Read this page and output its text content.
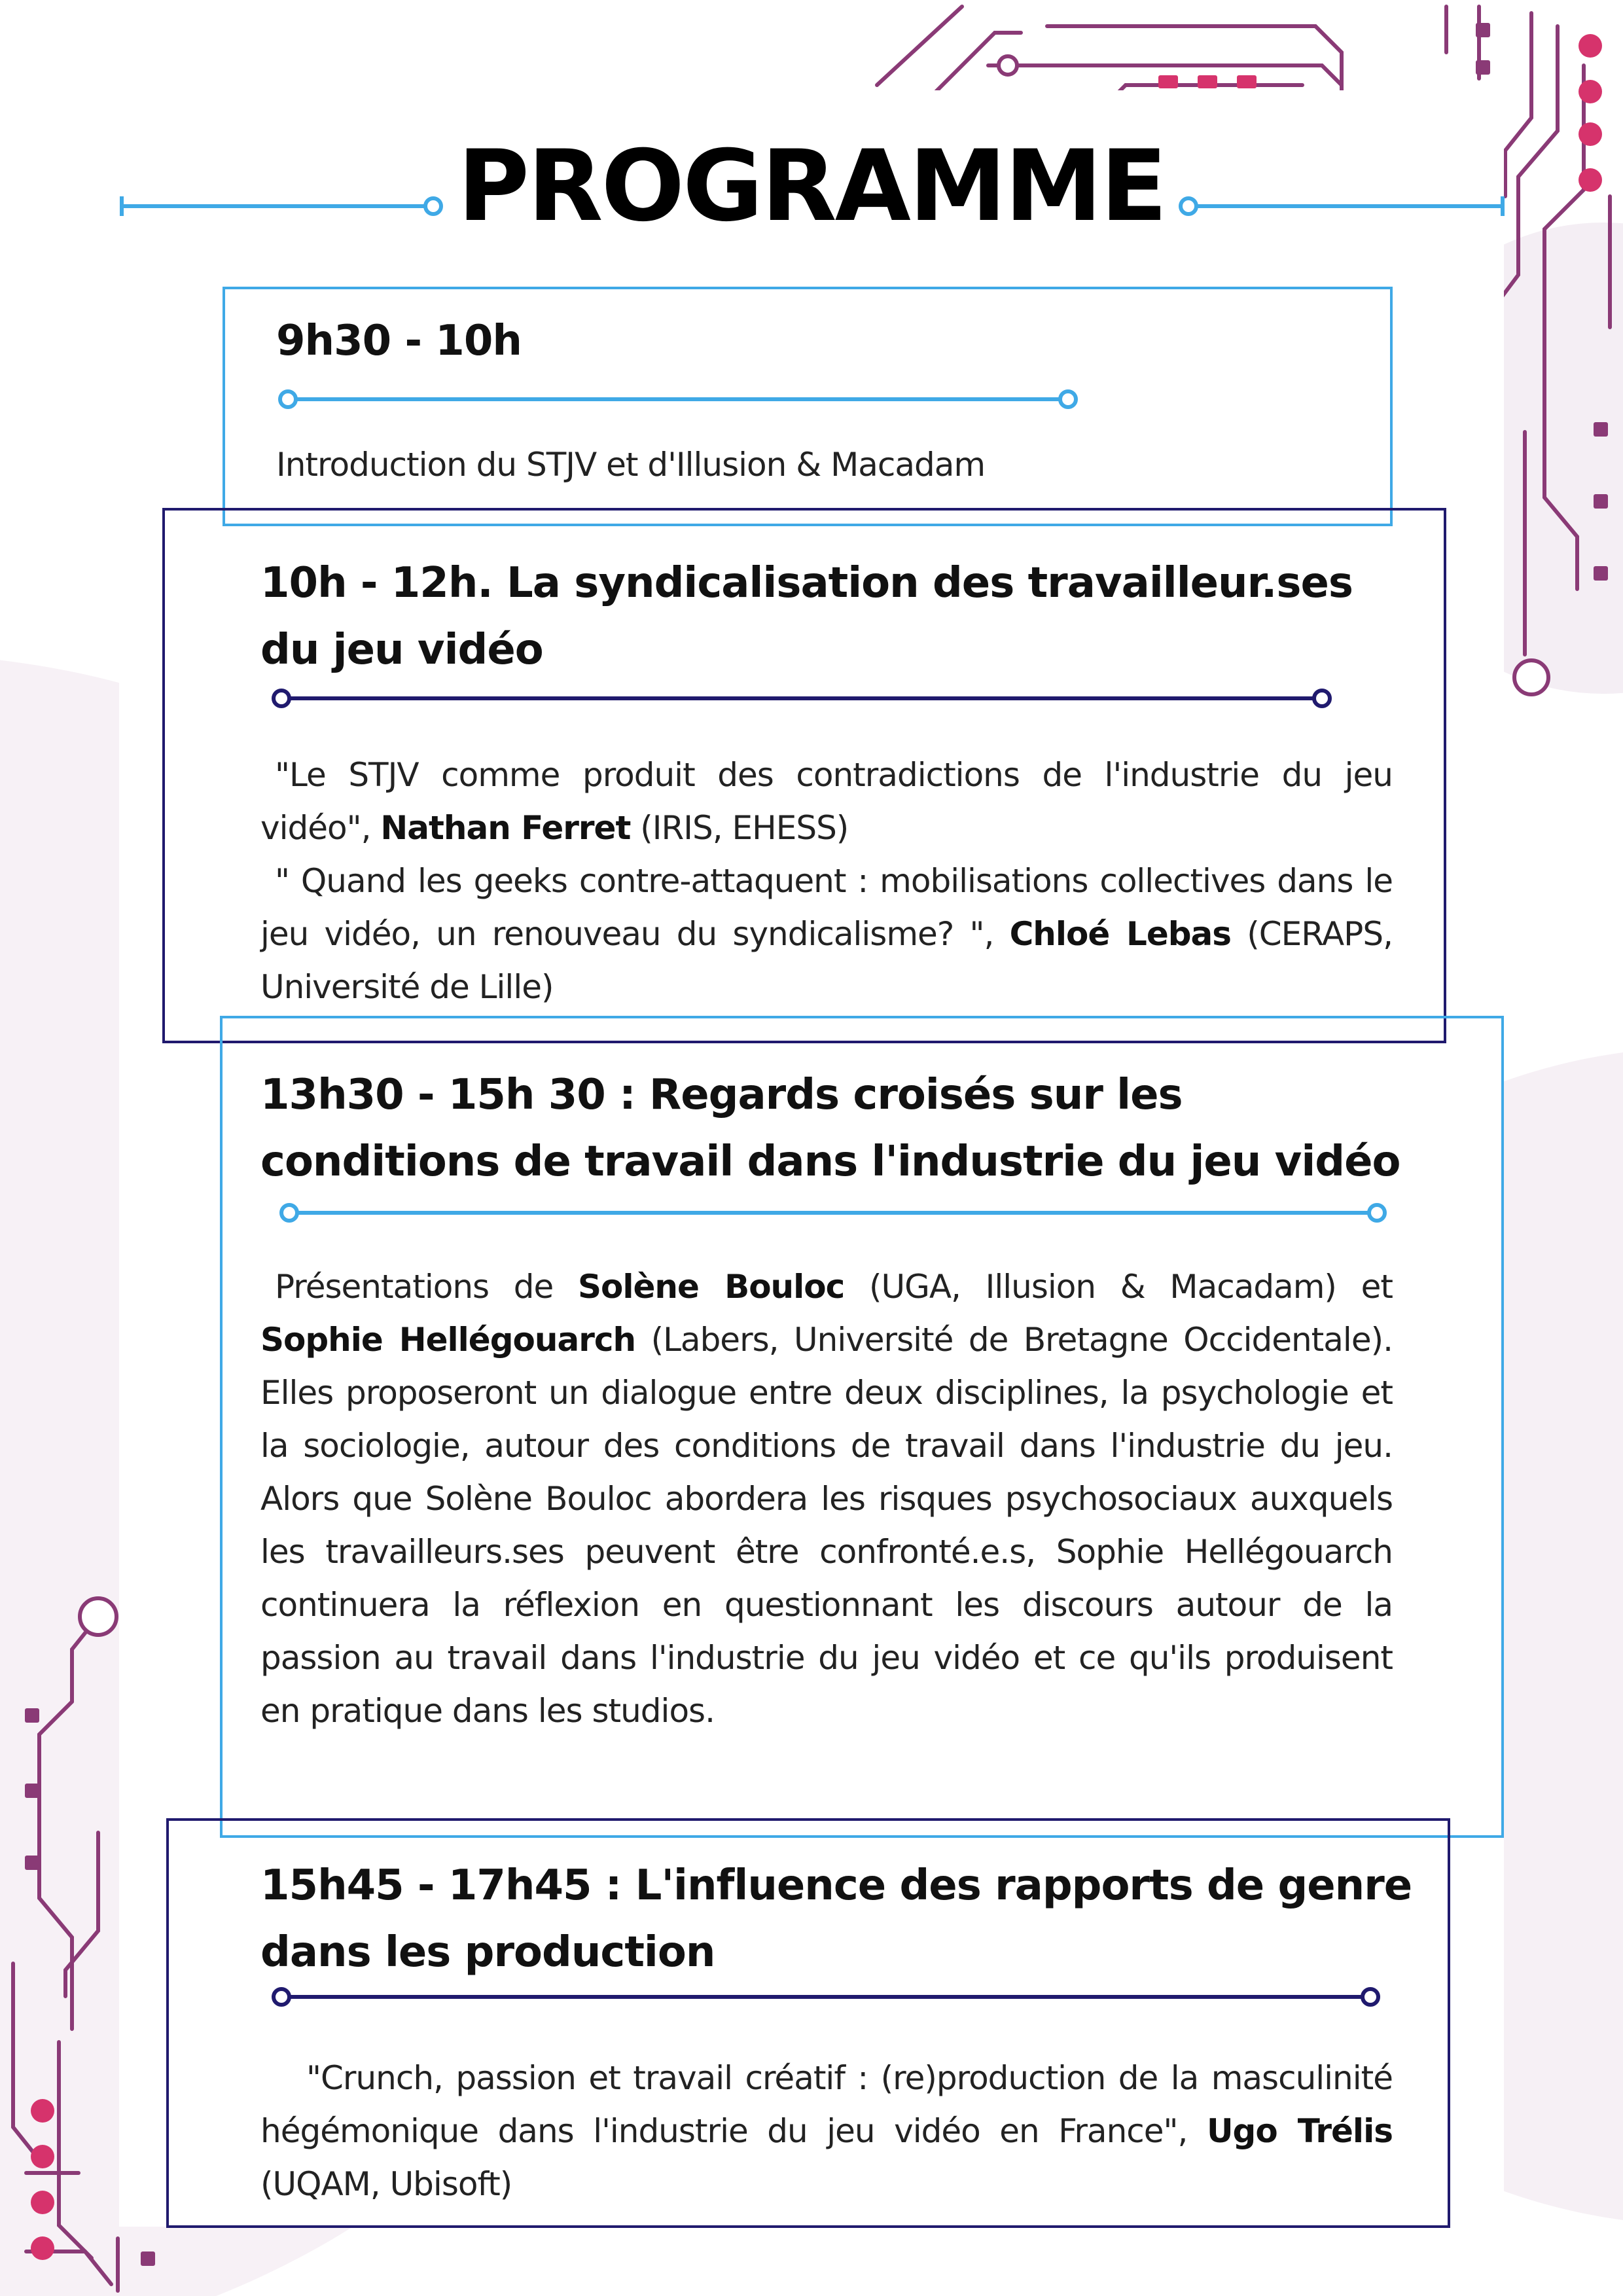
PROGRAMME
9h30 - 10h

Introduction du STJV et d'Illusion & Macadam

10h - 12h. La syndicalisation des travailleur.ses du jeu vidéo
"Le STJV comme produit des contradictions de l'industrie du jeu vidéo", Nathan Ferret (IRIS, EHESS)
" Quand les geeks contre-attaquent : mobilisations collectives dans le jeu vidéo, un renouveau du syndicalisme? ", Chloé Lebas (CERAPS, Université de Lille)
13h30 - 15h 30 : Regards croisés sur les conditions de travail dans l'industrie du jeu vidéo

Présentations de Solène Bouloc (UGA, Illusion & Macadam) et Sophie Hellégouarch (Labers, Université de Bretagne Occidentale). Elles proposeront un dialogue entre deux disciplines, la psychologie et la sociologie, autour des conditions de travail dans l'industrie du jeu. Alors que Solène Bouloc abordera les risques psychosociaux auxquels les travailleurs.ses peuvent être confronté.e.s, Sophie Hellégouarch continuera la réflexion en questionnant les discours autour de la passion au travail dans l'industrie du jeu vidéo et ce qu'ils produisent en pratique dans les studios.

15h45 - 17h45 : L'influence des rapports de genre dans les production

"Crunch, passion et travail créatif : (re)production de la masculinité hégémonique dans l'industrie du jeu vidéo en France", Ugo Trélis (UQAM, Ubisoft)
